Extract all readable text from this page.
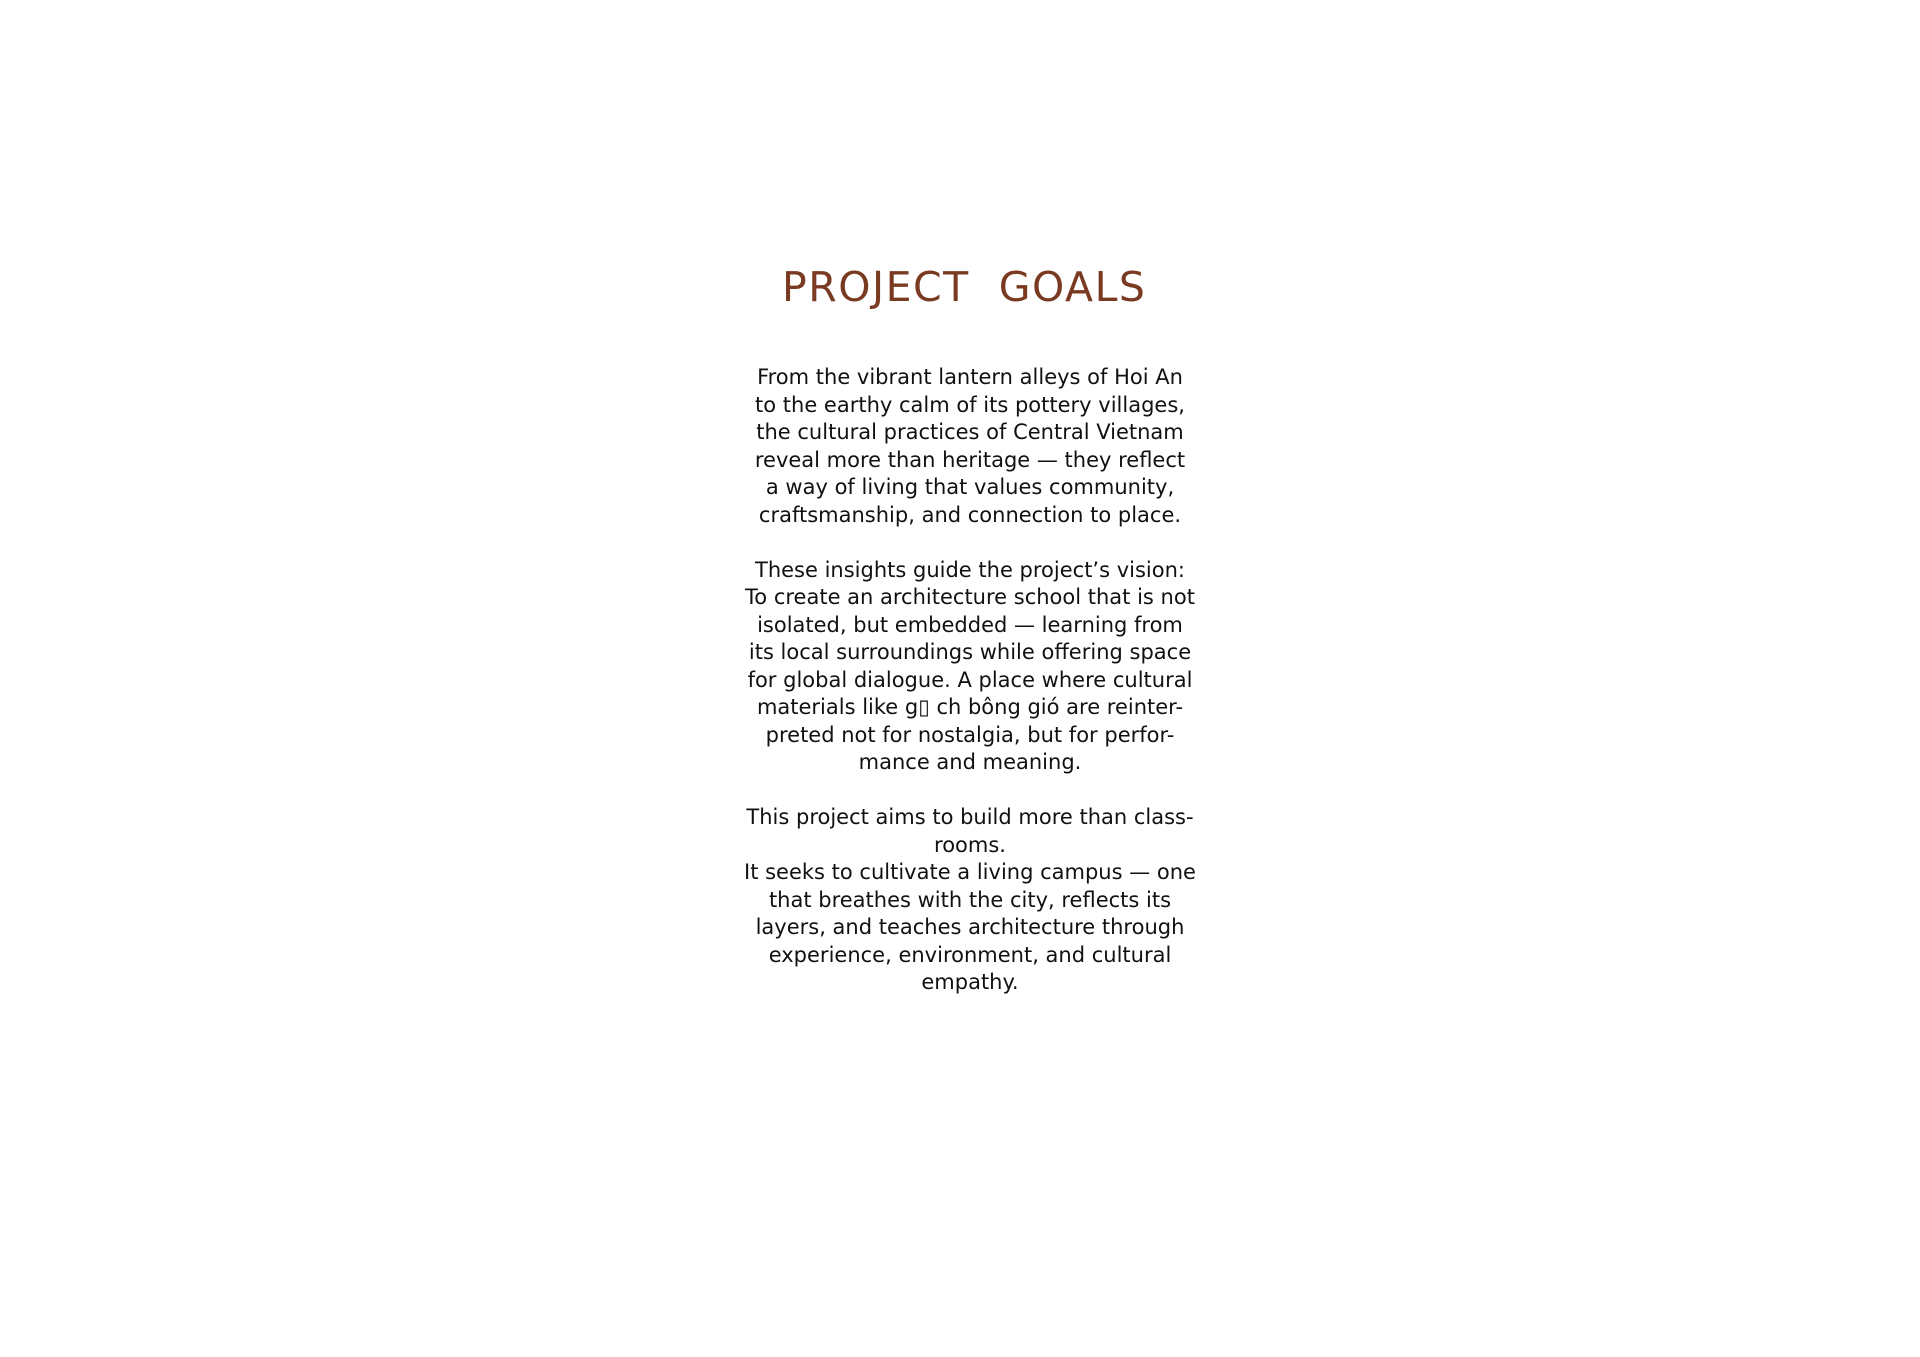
PROJECT  GOALS

From the vibrant lantern alleys of Hoi An
to the earthy calm of its pottery villages,
the cultural practices of Central Vietnam
reveal more than heritage — they reflect
a way of living that values community,
craftsmanship, and connection to place.

These insights guide the project’s vision:
To create an architecture school that is not
isolated, but embedded — learning from
its local surroundings while offering space
for global dialogue. A place where cultural
materials like g▯ ch bông gió are reinter-
preted not for nostalgia, but for perfor-
mance and meaning.

This project aims to build more than class-
rooms.
It seeks to cultivate a living campus — one
that breathes with the city, reflects its
layers, and teaches architecture through
experience, environment, and cultural
empathy.
